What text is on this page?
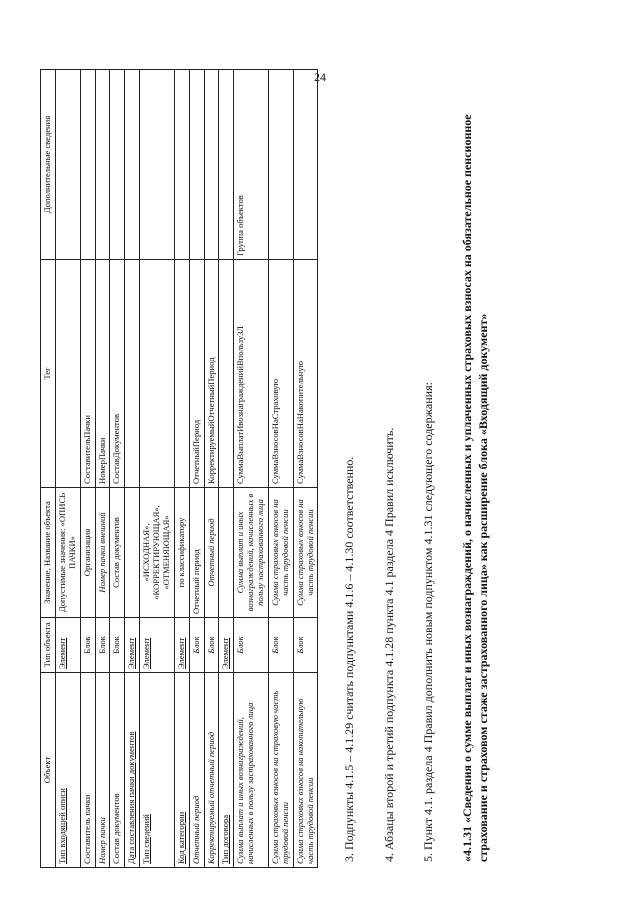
24
Объект	Тип объекта	Значение, Название объекта	Тег	Дополнительные сведения
Тип входящей описи	Элемент	Допустимые значения: «ОПИСЬ ПАЧКИ»		
Составитель пачки	Блок	Организация	СоставительПачки	
Номер пачки	Блок	Номер пачки внешний	НомерПачки	
Состав документов	Блок	Состав документов	СоставДокументов	
Дата составления пачки документов	Элемент			
Тип сведений	Элемент	«ИСХОДНАЯ», «КОРРЕКТИРУЮЩАЯ», «ОТМЕНЯЮЩАЯ»		
Код категории	Элемент	по классификатору		
Отчетный период	Блок	Отчетный период	ОтчетныйПериод	
Корректируемый отчетный период	Блок	Отчетный период	КорректируемыйОтчетныйПериод	
Тип договора	Элемент			
Сумма выплат и иных вознаграждений, начисленных в пользу застрахованного лица	Блок	Сумма выплат и иных вознаграждений, начисленных в пользу застрахованного лица	СуммаВыплатИвознагражденийВпользуЗЛ	Группа объектов
Сумма страховых взносов на страховую часть трудовой пенсии	Блок	Сумма страховых взносов на часть трудовой пенсии	СуммаВзносовНаСтраховую	
Сумма страховых взносов на накопительную часть трудовой пенсии	Блок	Сумма страховых взносов на часть трудовой пенсии	СуммаВзносовНаНакопительную	

3. Подпункты 4.1.5 – 4.1.29 считать подпунктами 4.1.6 – 4.1.30 соответственно. 4. Абзацы второй и третий подпункта 4.1.28 пункта 4.1 раздела 4 Правил исключить. 5. Пункт 4.1. раздела 4 Правил дополнить новым подпунктом 4.1.31 следующего содержания: «4.1.31 «Сведения о сумме выплат и иных вознаграждений, о начисленных и уплаченных страховых взносах на обязательное пенсионное страхование и страховом стаже застрахованного лица» как расширение блока «Входящий документ»
